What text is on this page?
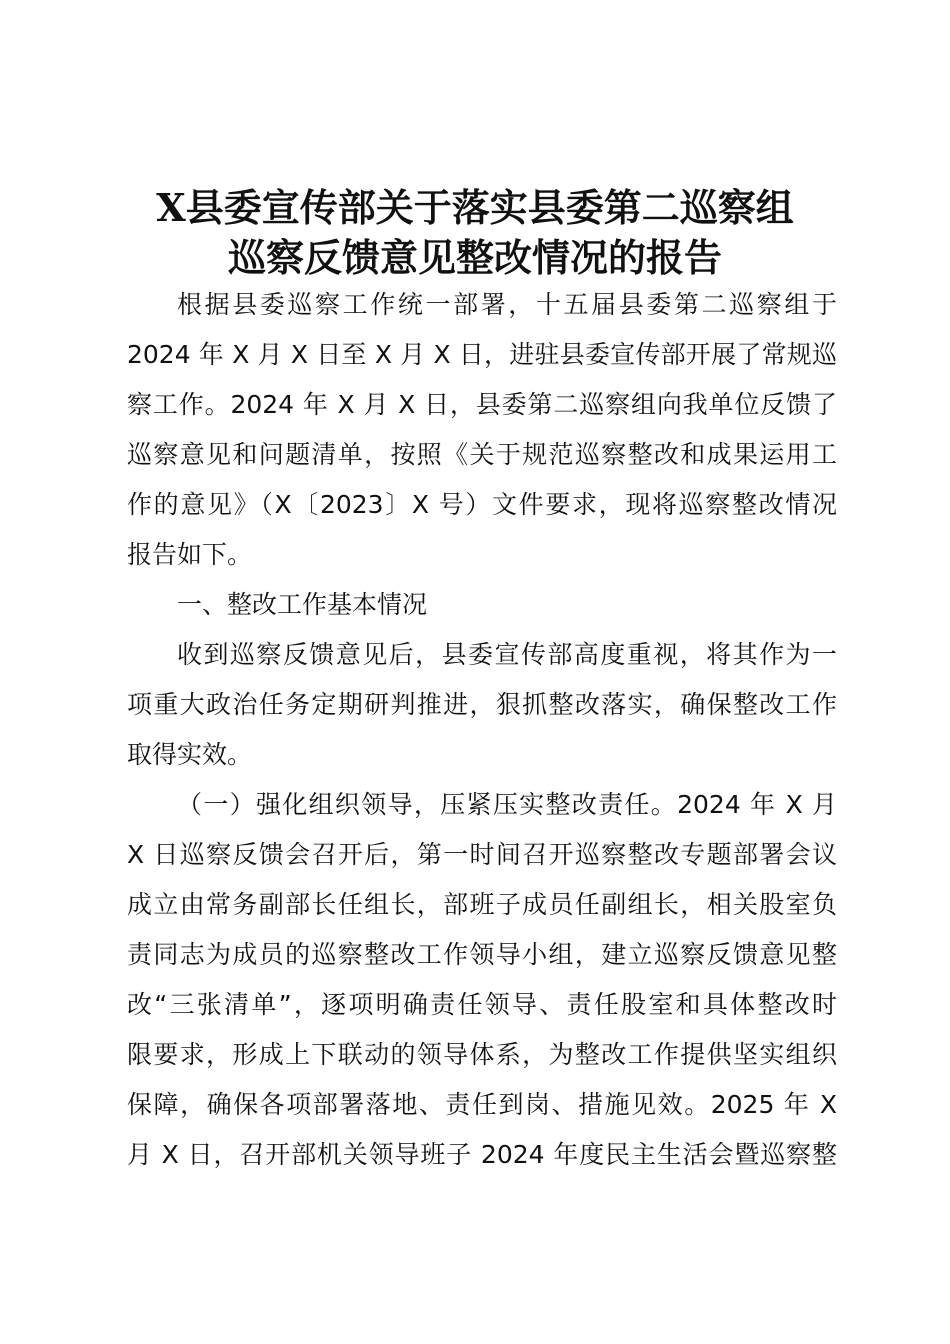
X县委宣传部关于落实县委第二巡察组
巡察反馈意见整改情况的报告
根据县委巡察工作统一部署，十五届县委第二巡察组于
2024 年 X 月 X 日至 X 月 X 日，进驻县委宣传部开展了常规巡
察工作。2024 年 X 月 X 日，县委第二巡察组向我单位反馈了
巡察意见和问题清单，按照《关于规范巡察整改和成果运用工
作的意见》（X〔2023〕X 号）文件要求，现将巡察整改情况
报告如下。
一、整改工作基本情况
收到巡察反馈意见后，县委宣传部高度重视，将其作为一
项重大政治任务定期研判推进，狠抓整改落实，确保整改工作
取得实效。
（一）强化组织领导，压紧压实整改责任。2024 年 X 月
X 日巡察反馈会召开后，第一时间召开巡察整改专题部署会议
成立由常务副部长任组长，部班子成员任副组长，相关股室负
责同志为成员的巡察整改工作领导小组，建立巡察反馈意见整
改“三张清单”，逐项明确责任领导、责任股室和具体整改时
限要求，形成上下联动的领导体系，为整改工作提供坚实组织
保障，确保各项部署落地、责任到岗、措施见效。2025 年 X
月 X 日，召开部机关领导班子 2024 年度民主生活会暨巡察整
